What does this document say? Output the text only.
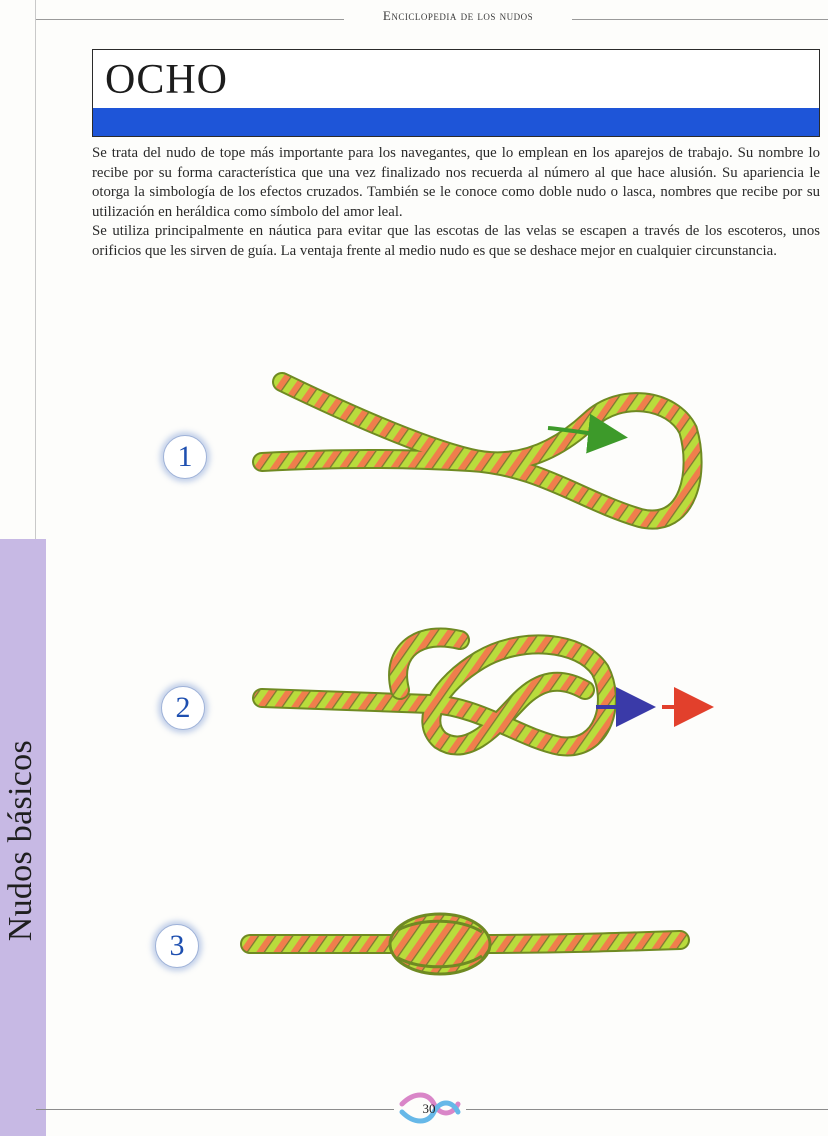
Enciclopedia de los nudos
OCHO

Se trata del nudo de tope más importante para los navegantes, que lo emplean en los aparejos de trabajo. Su nombre lo recibe por su forma característica que una vez finalizado nos recuerda al número al que hace alusión. Su apariencia le otorga la simbología de los efectos cruzados. También se le conoce como doble nudo o lasca, nombres que recibe por su utilización en heráldica como símbolo del amor leal.

Se utiliza principalmente en náutica para evitar que las escotas de las velas se escapen a través de los escoteros, unos orificios que les sirven de guía. La ventaja frente al medio nudo es que se deshace mejor en cualquier circunstancia.

1
2
3
Nudos básicos
30
